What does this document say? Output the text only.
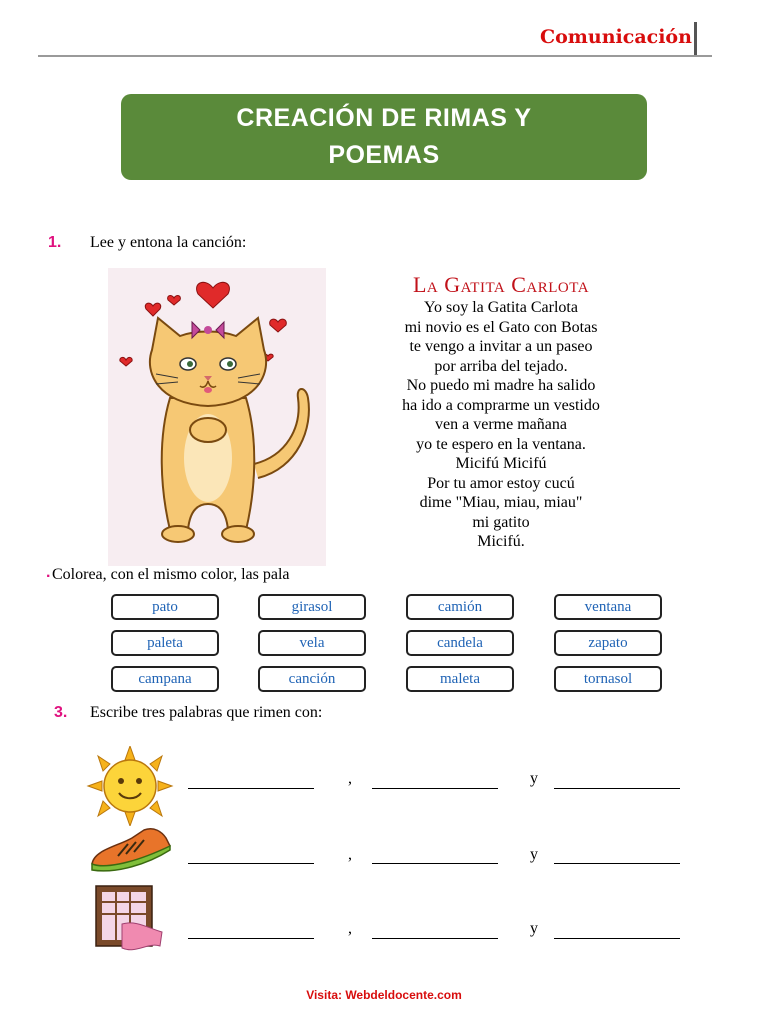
Comunicación
CREACIÓN DE RIMAS Y POEMAS
1. Lee y entona la canción:
La Gatita Carlota
Yo soy la Gatita Carlota
mi novio es el Gato con Botas
te vengo a invitar a un paseo
por arriba del tejado.
No puedo mi madre ha salido
ha ido a comprarme un vestido
ven a verme mañana
yo te espero en la ventana.
Micifú Micifú
Por tu amor estoy cucú
dime "Miau, miau, miau"
mi gatito
Micifú.
. Colorea, con el mismo color, las pala
pato	girasol	camión	ventana
paleta	vela	candela	zapato
campana	canción	maleta	tornasol
3. Escribe tres palabras que rimen con:
,	y
,	y
,	y
Visita: Webdeldocente.com
